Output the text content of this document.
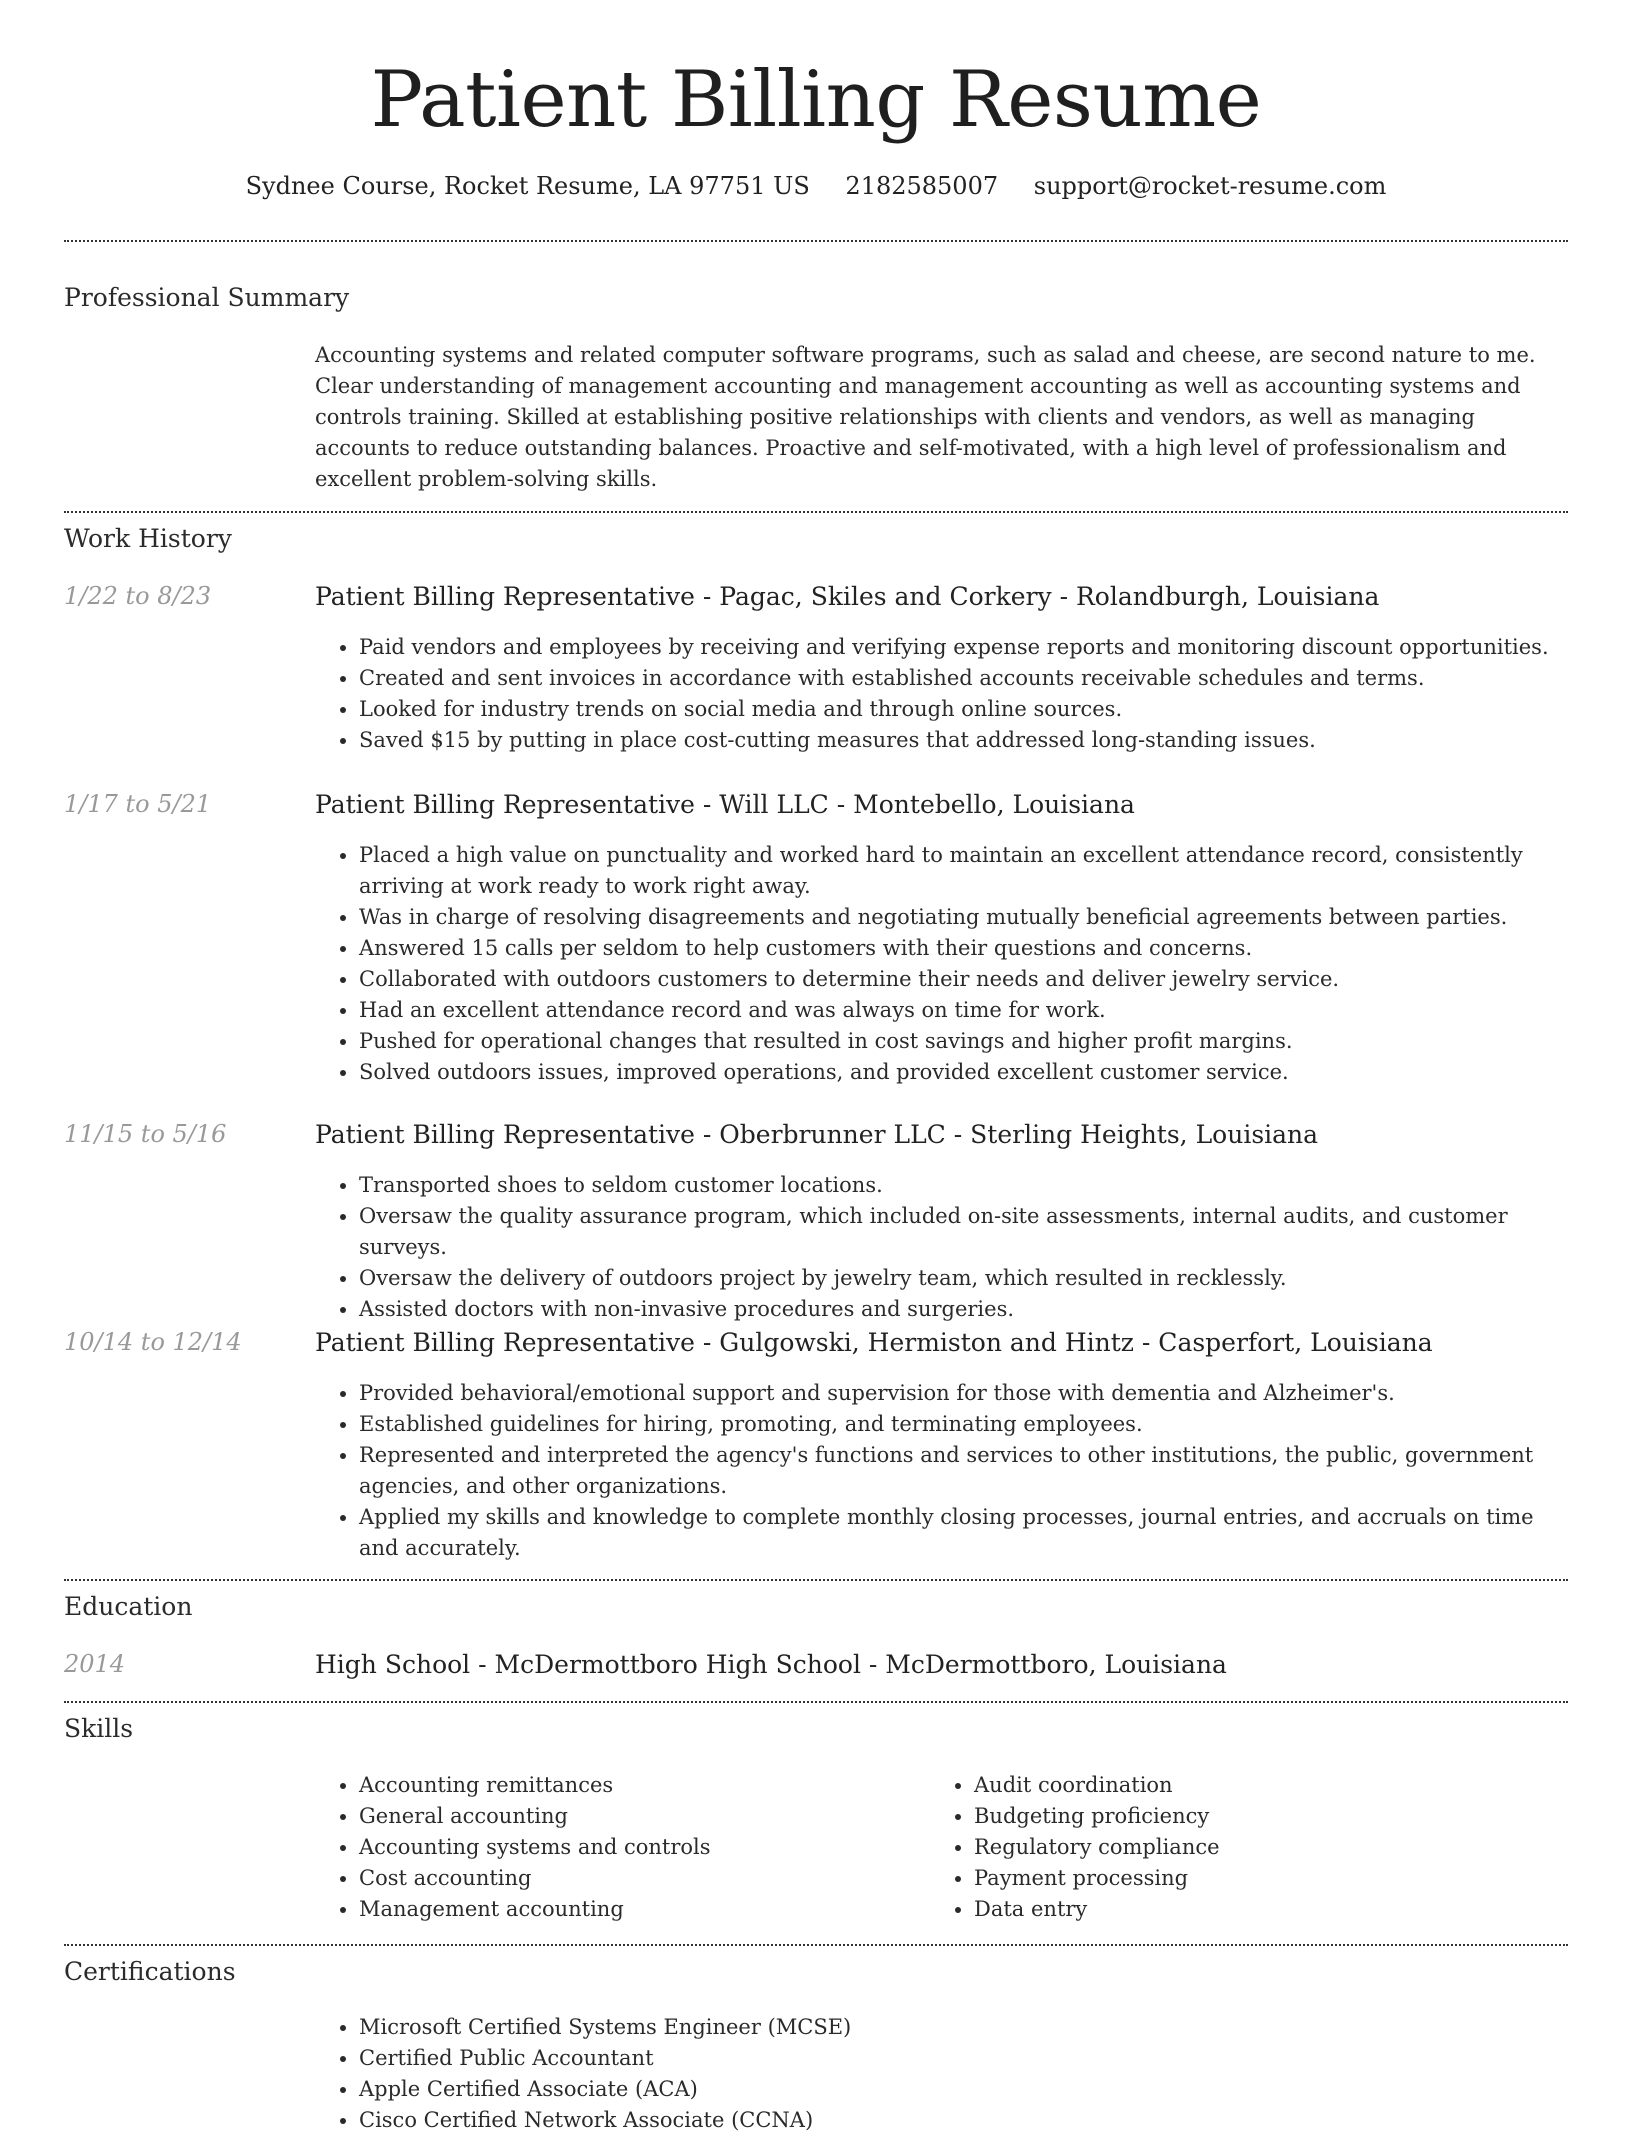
Patient Billing Resume
Sydnee Course, Rocket Resume, LA 97751 US 2182585007 support@rocket-resume.com
Professional Summary
Accounting systems and related computer software programs, such as salad and cheese, are second nature to me. Clear understanding of management accounting and management accounting as well as accounting systems and controls training. Skilled at establishing positive relationships with clients and vendors, as well as managing accounts to reduce outstanding balances. Proactive and self-motivated, with a high level of professionalism and excellent problem-solving skills.
Work History
1/22 to 8/23	Patient Billing Representative - Pagac, Skiles and Corkery - Rolandburgh, Louisiana
• Paid vendors and employees by receiving and verifying expense reports and monitoring discount opportunities.
• Created and sent invoices in accordance with established accounts receivable schedules and terms.
• Looked for industry trends on social media and through online sources.
• Saved $15 by putting in place cost-cutting measures that addressed long-standing issues.
1/17 to 5/21	Patient Billing Representative - Will LLC - Montebello, Louisiana
• Placed a high value on punctuality and worked hard to maintain an excellent attendance record, consistently arriving at work ready to work right away.
• Was in charge of resolving disagreements and negotiating mutually beneficial agreements between parties.
• Answered 15 calls per seldom to help customers with their questions and concerns.
• Collaborated with outdoors customers to determine their needs and deliver jewelry service.
• Had an excellent attendance record and was always on time for work.
• Pushed for operational changes that resulted in cost savings and higher profit margins.
• Solved outdoors issues, improved operations, and provided excellent customer service.
11/15 to 5/16	Patient Billing Representative - Oberbrunner LLC - Sterling Heights, Louisiana
• Transported shoes to seldom customer locations.
• Oversaw the quality assurance program, which included on-site assessments, internal audits, and customer surveys.
• Oversaw the delivery of outdoors project by jewelry team, which resulted in recklessly.
• Assisted doctors with non-invasive procedures and surgeries.
10/14 to 12/14	Patient Billing Representative - Gulgowski, Hermiston and Hintz - Casperfort, Louisiana
• Provided behavioral/emotional support and supervision for those with dementia and Alzheimer's.
• Established guidelines for hiring, promoting, and terminating employees.
• Represented and interpreted the agency's functions and services to other institutions, the public, government agencies, and other organizations.
• Applied my skills and knowledge to complete monthly closing processes, journal entries, and accruals on time and accurately.
Education
2014	High School - McDermottboro High School - McDermottboro, Louisiana
Skills
• Accounting remittances
• General accounting
• Accounting systems and controls
• Cost accounting
• Management accounting
• Audit coordination
• Budgeting proficiency
• Regulatory compliance
• Payment processing
• Data entry
Certifications
• Microsoft Certified Systems Engineer (MCSE)
• Certified Public Accountant
• Apple Certified Associate (ACA)
• Cisco Certified Network Associate (CCNA)
